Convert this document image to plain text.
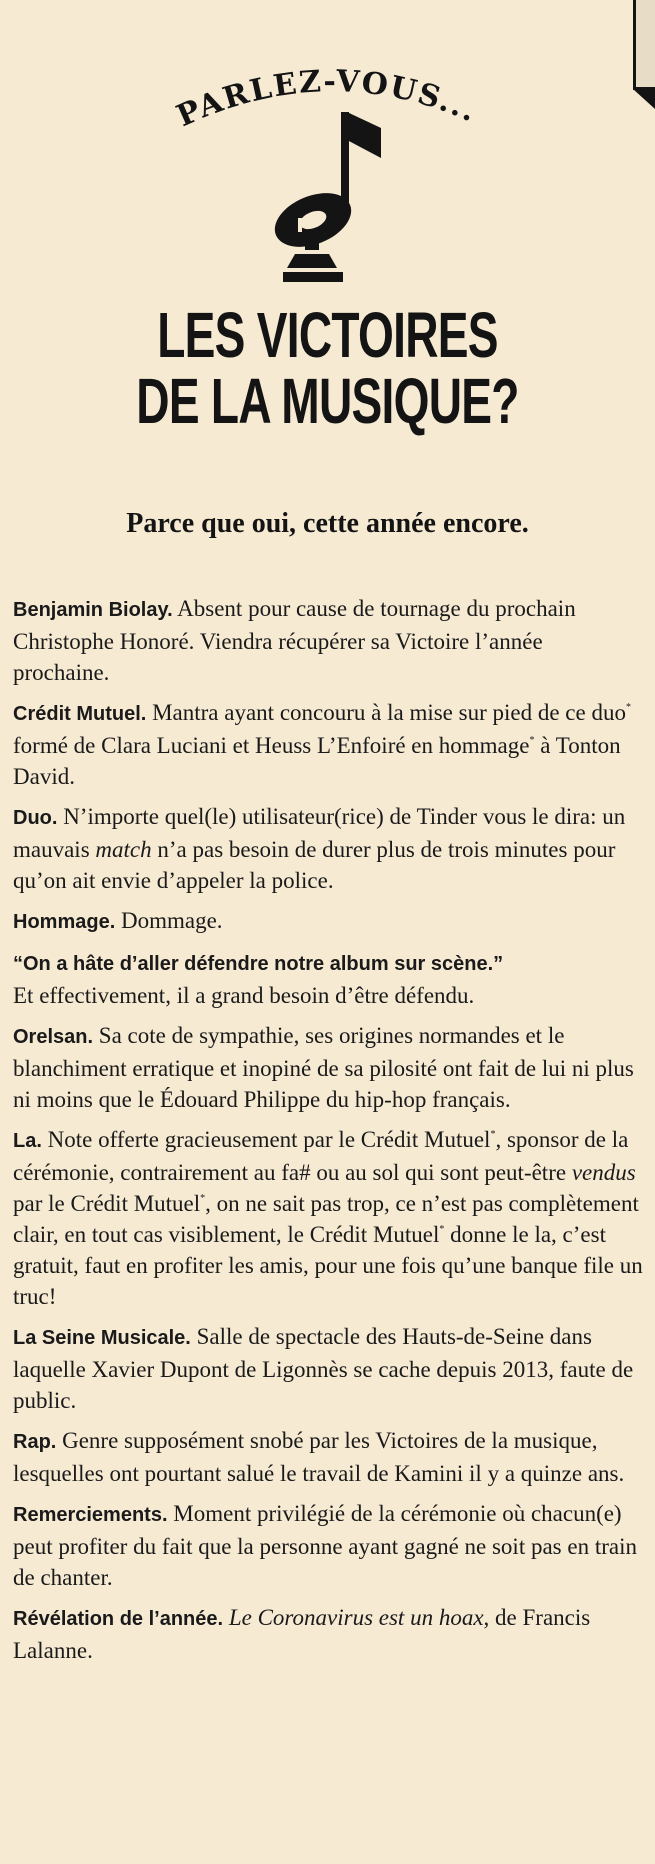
PARLEZ-VOUS...
LES VICTOIRES
DE LA MUSIQUE?
Parce que oui, cette année encore.
Benjamin Biolay. Absent pour cause de tournage du prochain Christophe Honoré. Viendra récupérer sa Victoire l’année prochaine.
Crédit Mutuel. Mantra ayant concouru à la mise sur pied de ce duo* formé de Clara Luciani et Heuss L’Enfoiré en hommage* à Tonton David.
Duo. N’importe quel(le) utilisateur(rice) de Tinder vous le dira: un mauvais match n’a pas besoin de durer plus de trois minutes pour qu’on ait envie d’appeler la police.
Hommage. Dommage.
“On a hâte d’aller défendre notre album sur scène.”
Et effectivement, il a grand besoin d’être défendu.
Orelsan. Sa cote de sympathie, ses origines normandes et le blanchiment erratique et inopiné de sa pilosité ont fait de lui ni plus ni moins que le Édouard Philippe du hip-hop français.
La. Note offerte gracieusement par le Crédit Mutuel*, sponsor de la cérémonie, contrairement au fa# ou au sol qui sont peut-être vendus par le Crédit Mutuel*, on ne sait pas trop, ce n’est pas complètement clair, en tout cas visiblement, le Crédit Mutuel* donne le la, c’est gratuit, faut en profiter les amis, pour une fois qu’une banque file un truc!
La Seine Musicale. Salle de spectacle des Hauts-de-Seine dans laquelle Xavier Dupont de Ligonnès se cache depuis 2013, faute de public.
Rap. Genre supposément snobé par les Victoires de la musique, lesquelles ont pourtant salué le travail de Kamini il y a quinze ans.
Remerciements. Moment privilégié de la cérémonie où chacun(e) peut profiter du fait que la personne ayant gagné ne soit pas en train de chanter.
Révélation de l’année. Le Coronavirus est un hoax, de Francis Lalanne.
